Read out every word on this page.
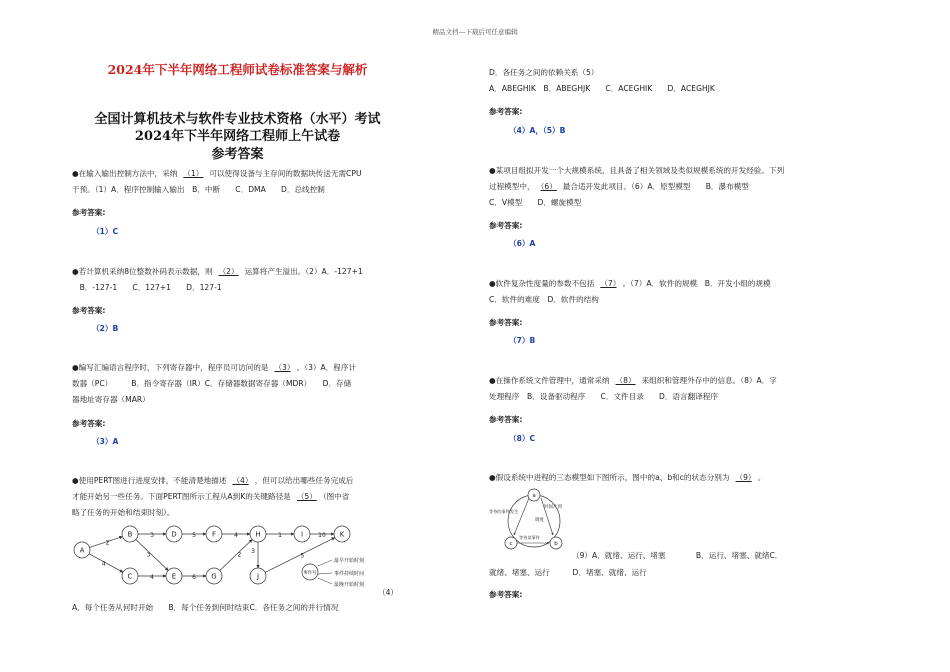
精品文档---下载后可任意编辑
2024年下半年网络工程师试卷标准答案与解析
全国计算机技术与软件专业技术资格（水平）考试
2024年下半年网络工程师上午试卷
参考答案
●在输入输出控制方法中，采纳 （1） 可以使得设备与主存间的数据块传送无需CPU
干预。（1）A．程序控制输入输出　B．中断　　C．DMA　　D．总线控制
参考答案:
（1）C
●若计算机采纳8位整数补码表示数据，则 （2） 运算将产生溢出。（2）A．-127+1
　B．-127-1　　C．127+1　　D．127-1
参考答案:
（2）B
●编写汇编语言程序时，下列寄存器中，程序员可访问的是 （3） 。（3）A．程序计
数器（PC）　　　B．指令寄存器（IR）C．存储器数据寄存器（MDR）　　D．存储
器地址寄存器（MAR）
参考答案:
（3）A
●使用PERT图进行进度安排，不能清楚地描述 （4） ，但可以给出哪些任务完成后
才能开始另一些任务。下面PERT图所示工程从A到K的关键路径是 （5） （图中省
略了任务的开始和结束时刻）。
A
B
C
D
E
F
G
H	I
J
K
事件号
最早开始时刻
事件持续时间
最晚开始时刻
2
4
3
3
4
5
6
4
2
1	10
3
5
（4）
A．每个任务从何时开始　　B．每个任务到何时结束C．各任务之间的并行情况
D．各任务之间的依赖关系（5）
A．ABEGHIK　B．ABEGHJK　　C．ACEGHIK　　D．ACEGHJK
参考答案:
（4）A，（5）B
●某项目组拟开发一个大规模系统，且具备了相关领域及类似规模系统的开发经验。下列
过程模型中， （6） 最合适开发此项目。（6）A．原型模型　　B．瀑布模型
C．V模型　　D．螺旋模型
参考答案:
（6）A
●软件复杂性度量的参数不包括 （7） 。（7）A．软件的规模　B．开发小组的规模
C．软件的难度　D．软件的结构
参考答案:
（7）B
●在操作系统文件管理中，通常采纳 （8） 来组织和管理外存中的信息。（8）A．字
处理程序　B．设备驱动程序　　C．文件目录　　D．语言翻译程序
参考答案:
（8）C
●假设系统中进程的三态模型如下图所示，图中的a、b和c的状态分别为 （9） 。
a
b
c
时间片到
调度
等待的事件发生
等待某事件
（9）A．就绪、运行、堵塞　　　　B．运行、堵塞、就绪C．
就绪、堵塞、运行　　　D．堵塞、就绪、运行
参考答案:
